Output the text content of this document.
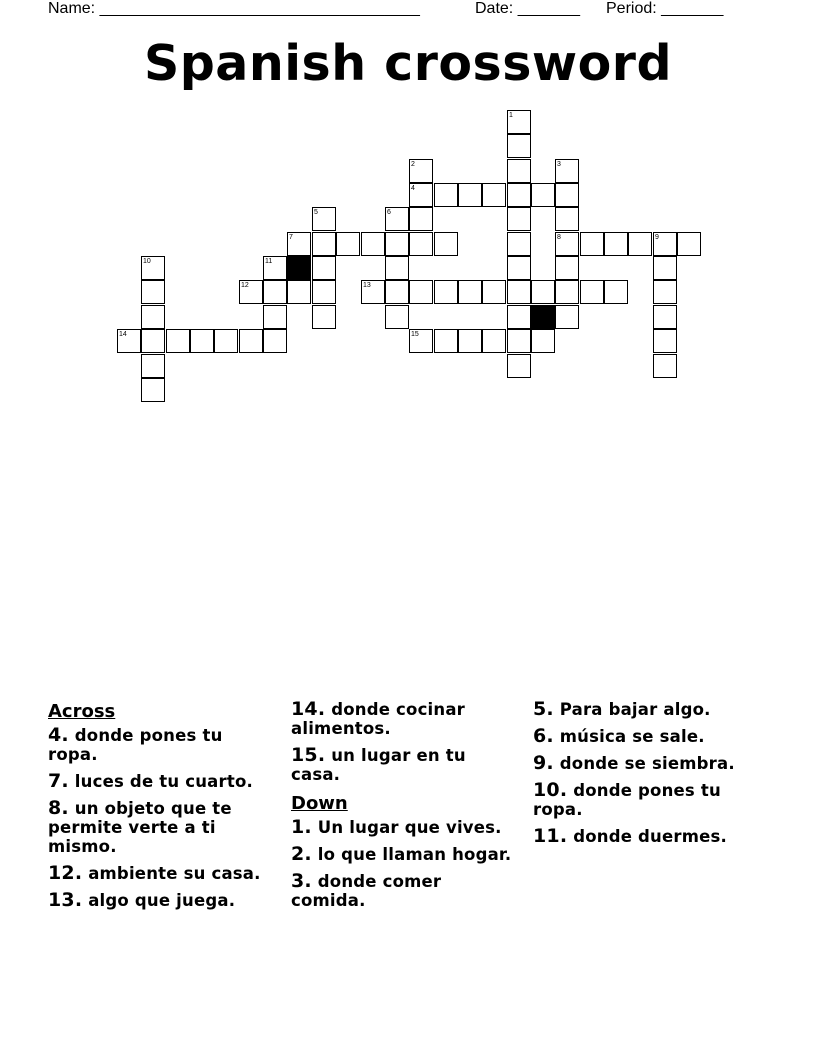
Name: ____________________________________	Date: _______ Period: _______
Spanish crossword
1
2
4
3
8
5	6
7	9
10	11
12	13
14	15
Across
4. donde pones tu ropa.
7. luces de tu cuarto.
8. un objeto que te permite verte a ti mismo.
12. ambiente su casa.
13. algo que juega.
14. donde cocinar alimentos.
15. un lugar en tu casa.
Down
1. Un lugar que vives.
2. lo que llaman hogar.
3. donde comer comida.
5. Para bajar algo.
6. música se sale.
9. donde se siembra.
10. donde pones tu ropa.
11. donde duermes.
